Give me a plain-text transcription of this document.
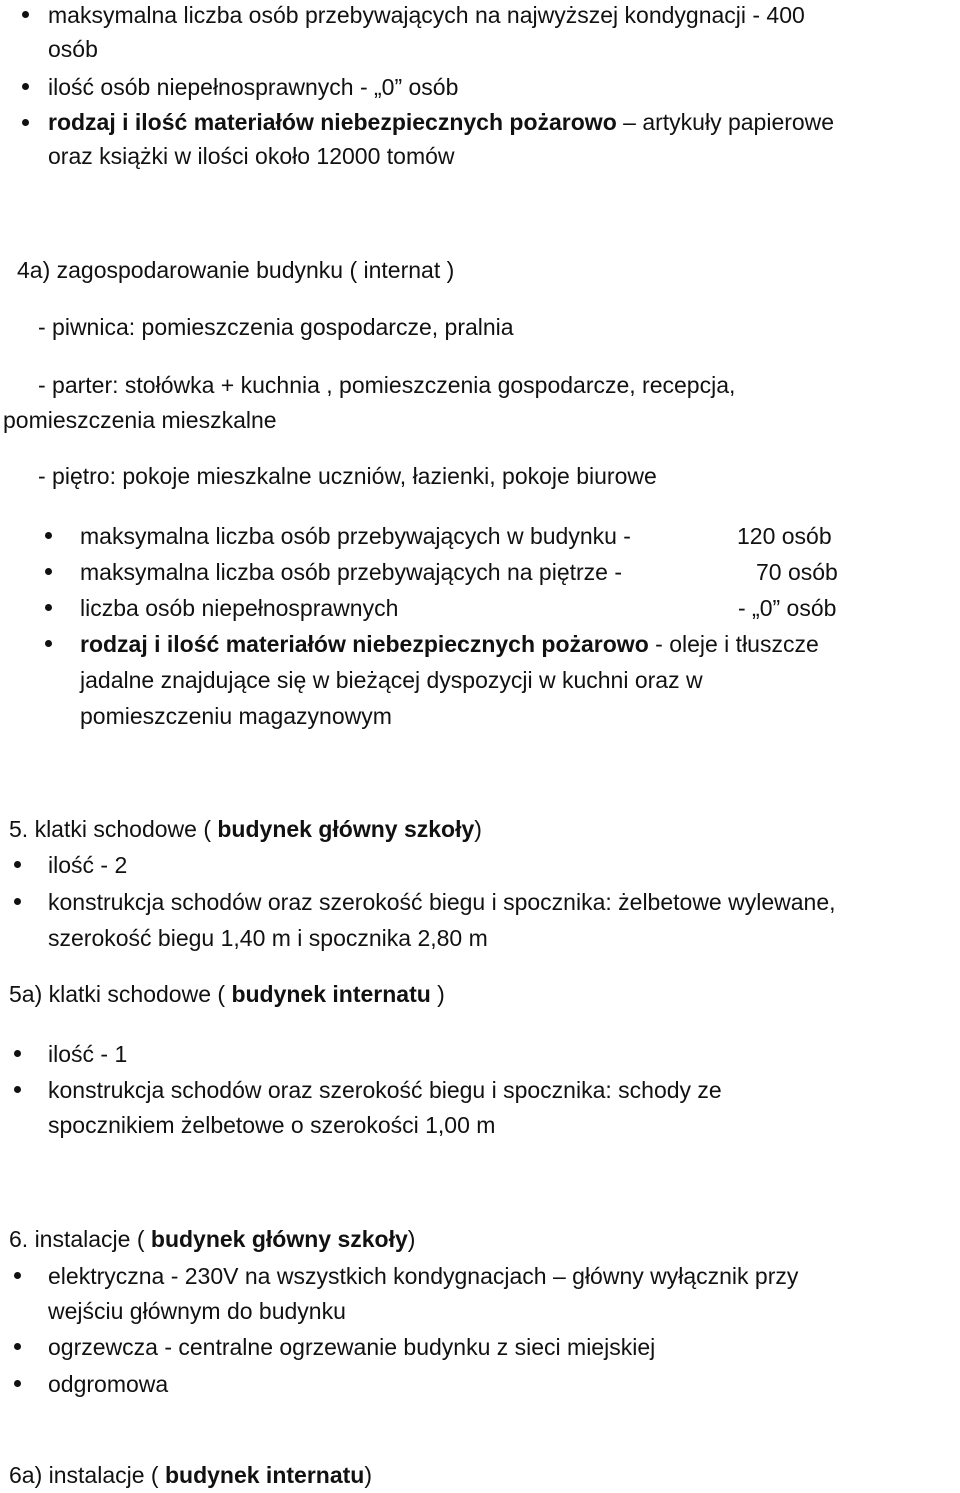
maksymalna liczba osób przebywających na najwyższej kondygnacji - 400
osób
ilość osób niepełnosprawnych - „0” osób
rodzaj i ilość materiałów niebezpiecznych pożarowo – artykuły papierowe
oraz książki w ilości około 12000 tomów
4a) zagospodarowanie budynku ( internat )
- piwnica: pomieszczenia gospodarcze, pralnia
- parter: stołówka + kuchnia , pomieszczenia gospodarcze, recepcja,
pomieszczenia mieszkalne
- piętro: pokoje mieszkalne uczniów, łazienki, pokoje biurowe
maksymalna liczba osób przebywających w budynku -	120 osób
maksymalna liczba osób przebywających na piętrze -	70 osób
liczba osób niepełnosprawnych	- „0” osób
rodzaj i ilość materiałów niebezpiecznych pożarowo - oleje i tłuszcze
jadalne znajdujące się w bieżącej dyspozycji w kuchni oraz w
pomieszczeniu magazynowym
5. klatki schodowe ( budynek główny szkoły)
ilość - 2
konstrukcja schodów oraz szerokość biegu i spocznika: żelbetowe wylewane,
szerokość biegu 1,40 m i spocznika 2,80 m
5a) klatki schodowe ( budynek internatu )
ilość - 1
konstrukcja schodów oraz szerokość biegu i spocznika: schody ze
spocznikiem żelbetowe o szerokości 1,00 m
6. instalacje ( budynek główny szkoły)
elektryczna - 230V na wszystkich kondygnacjach – główny wyłącznik przy
wejściu głównym do budynku
ogrzewcza - centralne ogrzewanie budynku z sieci miejskiej
odgromowa
6a) instalacje ( budynek internatu)
